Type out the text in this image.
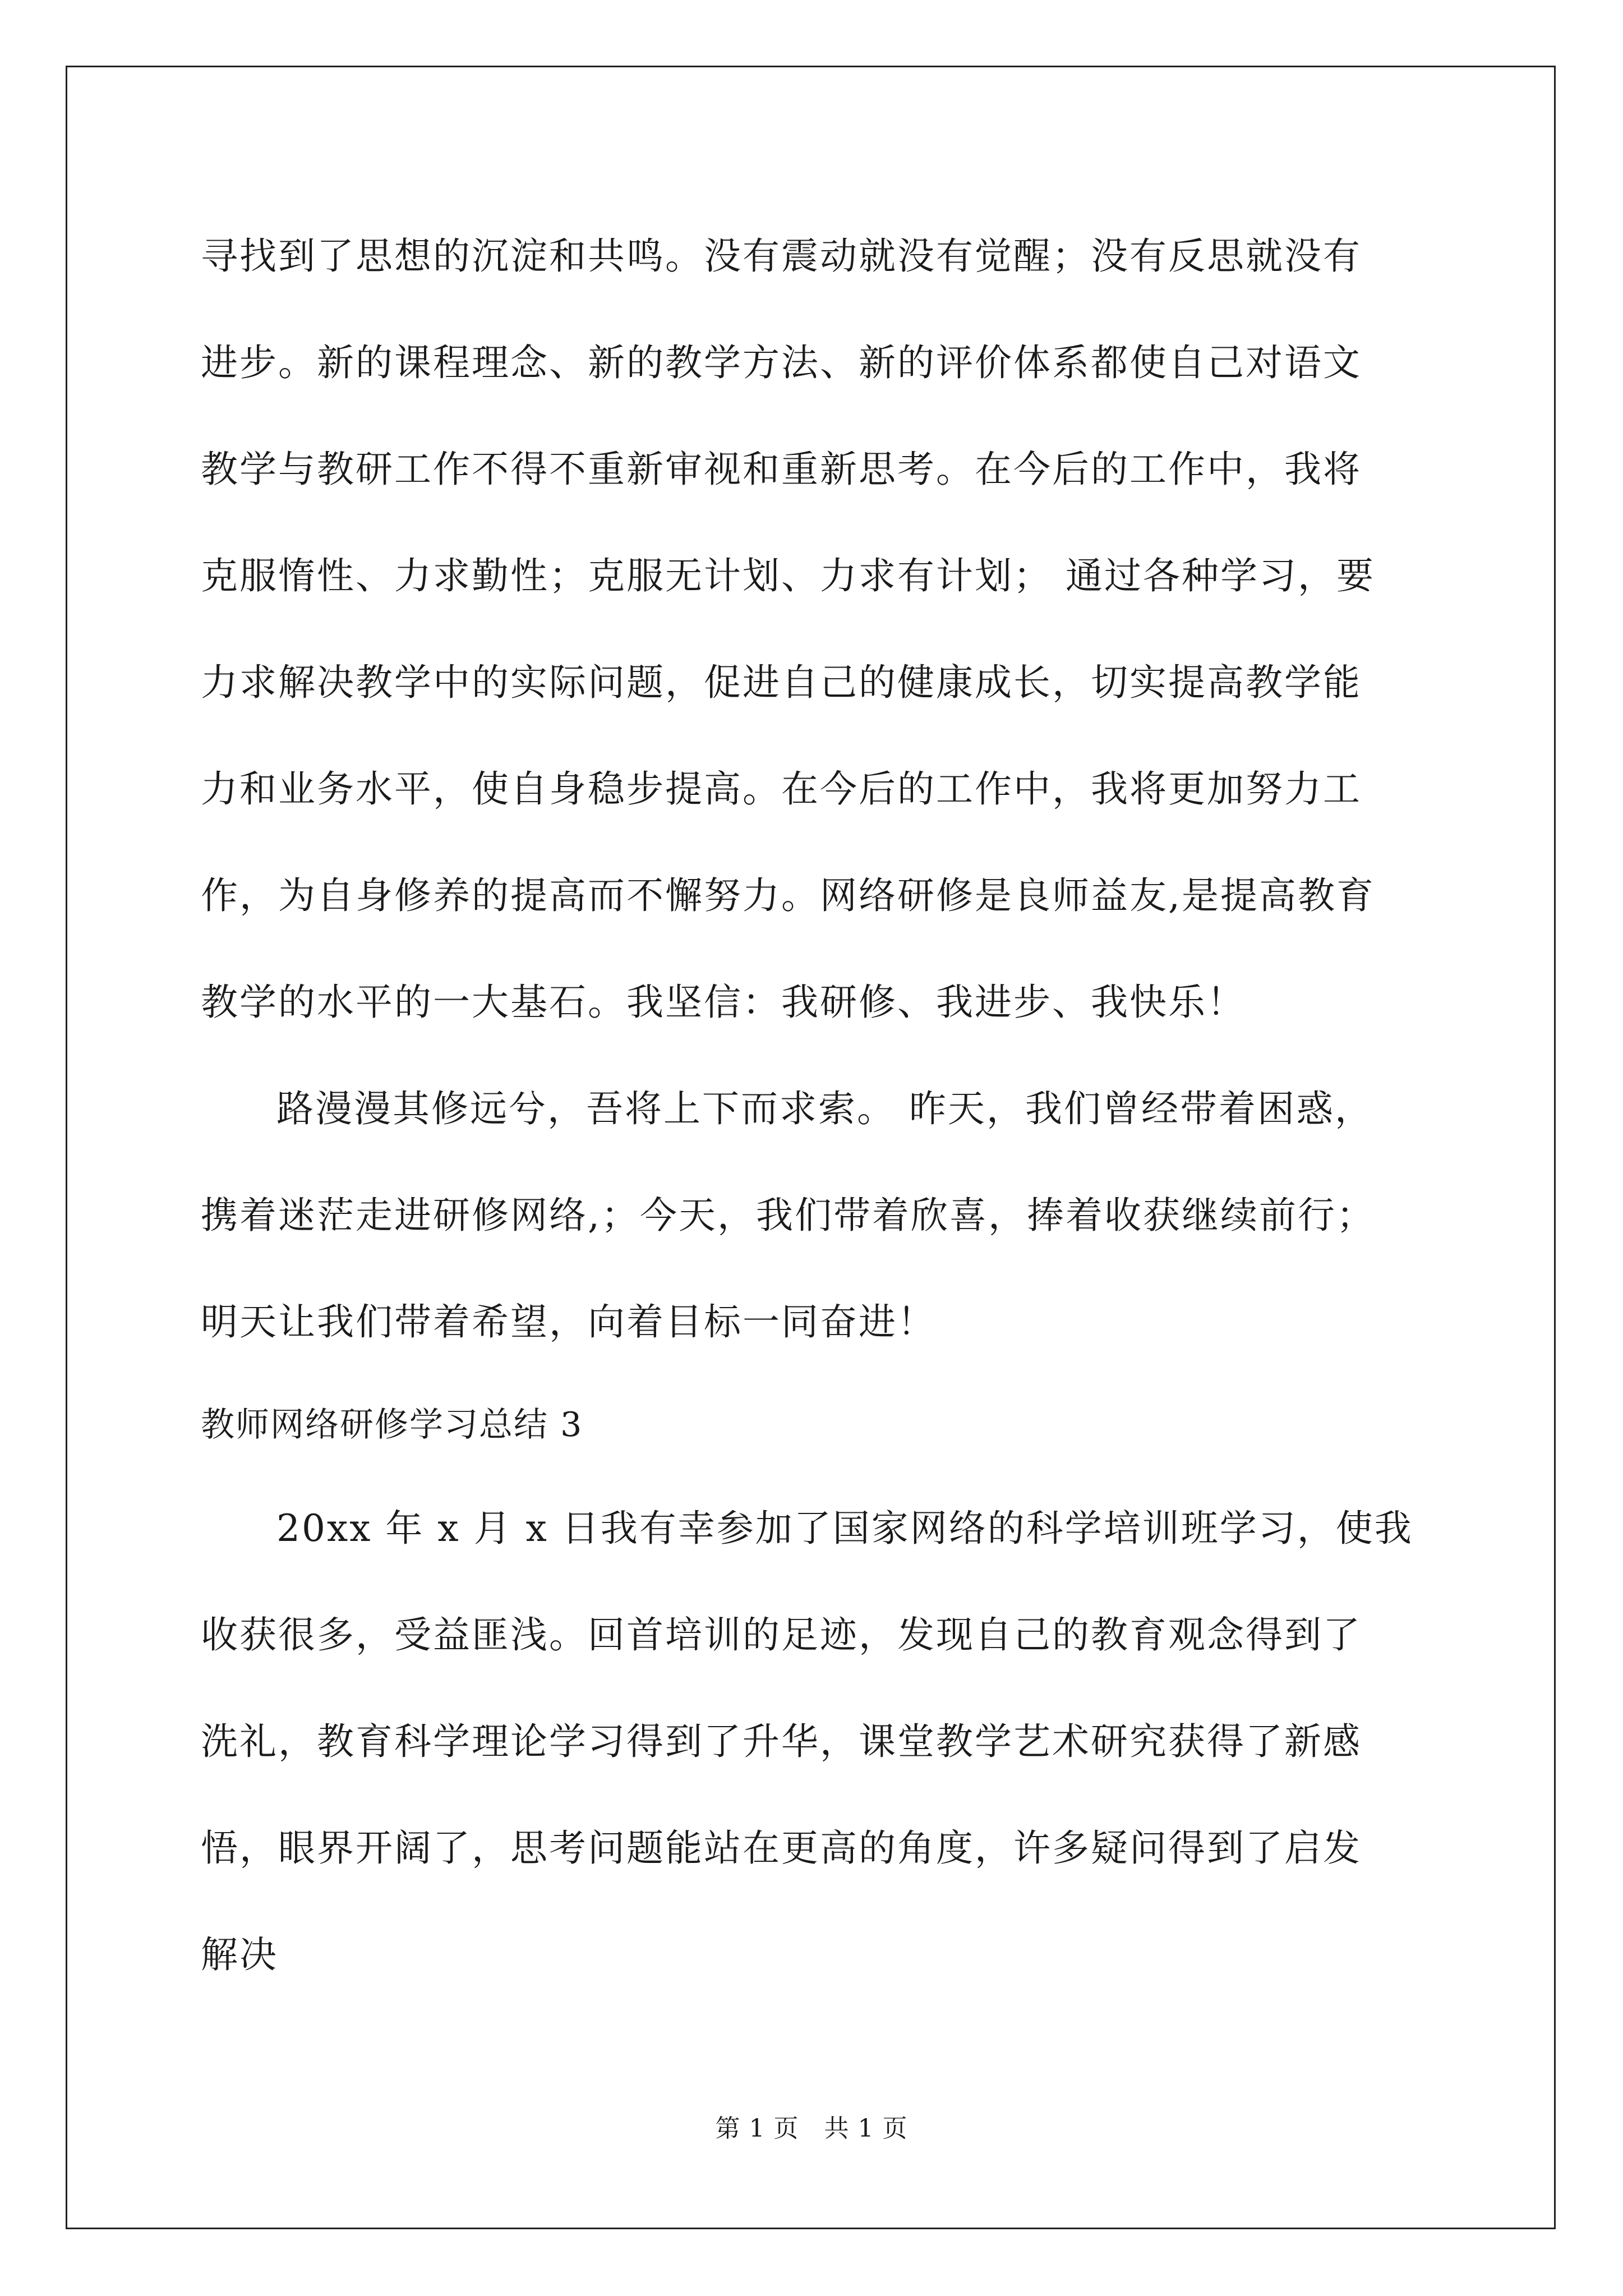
寻找到了思想的沉淀和共鸣。没有震动就没有觉醒；没有反思就没有
进步。新的课程理念、新的教学方法、新的评价体系都使自己对语文
教学与教研工作不得不重新审视和重新思考。在今后的工作中，我将
克服惰性、力求勤性；克服无计划、力求有计划； 通过各种学习，要
力求解决教学中的实际问题，促进自己的健康成长，切实提高教学能
力和业务水平，使自身稳步提高。在今后的工作中，我将更加努力工
作，为自身修养的提高而不懈努力。网络研修是良师益友,是提高教育
教学的水平的一大基石。我坚信：我研修、我进步、我快乐！
路漫漫其修远兮，吾将上下而求索。 昨天，我们曾经带着困惑，
携着迷茫走进研修网络,；今天，我们带着欣喜，捧着收获继续前行；
明天让我们带着希望，向着目标一同奋进！
教师网络研修学习总结 3
20xx 年 x 月 x 日我有幸参加了国家网络的科学培训班学习，使我
收获很多，受益匪浅。回首培训的足迹，发现自己的教育观念得到了
洗礼，教育科学理论学习得到了升华，课堂教学艺术研究获得了新感
悟，眼界开阔了，思考问题能站在更高的角度，许多疑问得到了启发
解决
第 1 页　共 1 页
